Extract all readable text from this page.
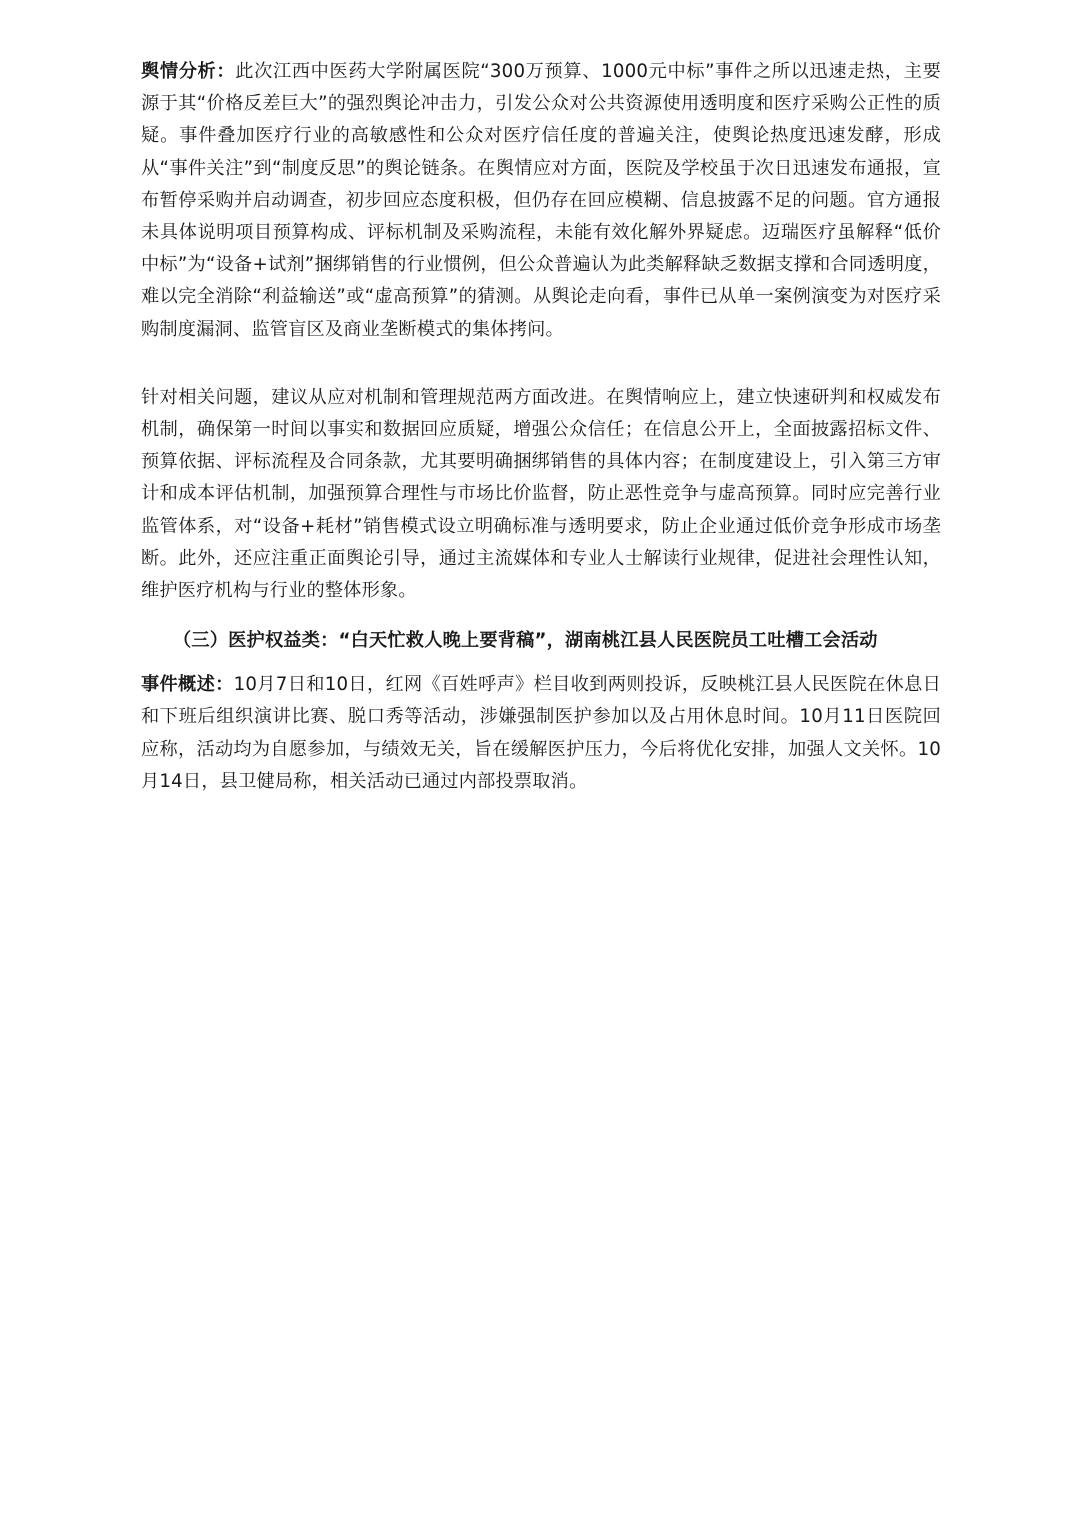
舆情分析：此次江西中医药大学附属医院“300万预算、1000元中标”事件之所以迅速走热，主要源于其“价格反差巨大”的强烈舆论冲击力，引发公众对公共资源使用透明度和医疗采购公正性的质疑。事件叠加医疗行业的高敏感性和公众对医疗信任度的普遍关注，使舆论热度迅速发酵，形成从“事件关注”到“制度反思”的舆论链条。在舆情应对方面，医院及学校虽于次日迅速发布通报，宣布暂停采购并启动调查，初步回应态度积极，但仍存在回应模糊、信息披露不足的问题。官方通报未具体说明项目预算构成、评标机制及采购流程，未能有效化解外界疑虑。迈瑞医疗虽解释“低价中标”为“设备+试剂”捆绑销售的行业惯例，但公众普遍认为此类解释缺乏数据支撑和合同透明度，难以完全消除“利益输送”或“虚高预算”的猜测。从舆论走向看，事件已从单一案例演变为对医疗采购制度漏洞、监管盲区及商业垄断模式的集体拷问。

针对相关问题，建议从应对机制和管理规范两方面改进。在舆情响应上，建立快速研判和权威发布机制，确保第一时间以事实和数据回应质疑，增强公众信任；在信息公开上，全面披露招标文件、预算依据、评标流程及合同条款，尤其要明确捆绑销售的具体内容；在制度建设上，引入第三方审计和成本评估机制，加强预算合理性与市场比价监督，防止恶性竞争与虚高预算。同时应完善行业监管体系，对“设备+耗材”销售模式设立明确标准与透明要求，防止企业通过低价竞争形成市场垄断。此外，还应注重正面舆论引导，通过主流媒体和专业人士解读行业规律，促进社会理性认知，维护医疗机构与行业的整体形象。

（三）医护权益类：“白天忙救人晚上要背稿”，湖南桃江县人民医院员工吐槽工会活动

事件概述：10月7日和10日，红网《百姓呼声》栏目收到两则投诉，反映桃江县人民医院在休息日和下班后组织演讲比赛、脱口秀等活动，涉嫌强制医护参加以及占用休息时间。10月11日医院回应称，活动均为自愿参加，与绩效无关，旨在缓解医护压力，今后将优化安排，加强人文关怀。10月14日，县卫健局称，相关活动已通过内部投票取消。
